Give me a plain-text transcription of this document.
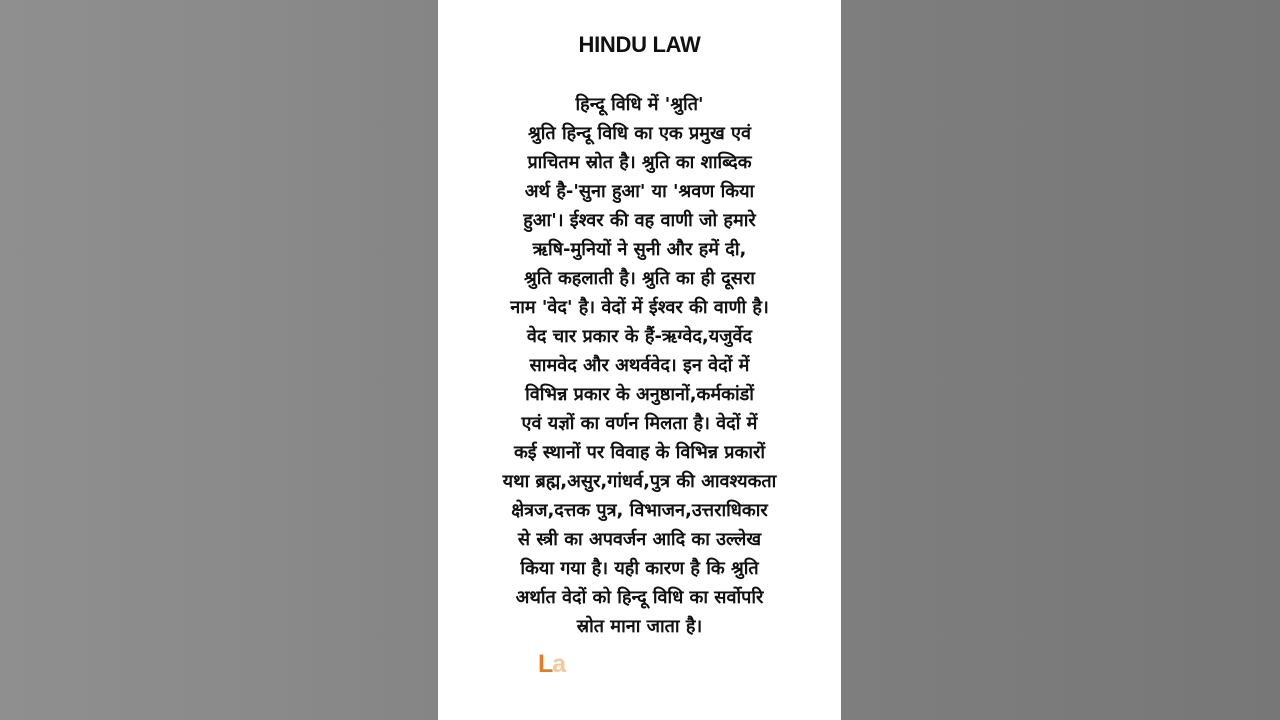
HINDU LAW
हिन्दू विधि में 'श्रुति'
श्रुति हिन्दू विधि का एक प्रमुख एवं
प्राचितम स्रोत है। श्रुति का शाब्दिक
अर्थ है-'सुना हुआ' या 'श्रवण किया
हुआ'। ईश्वर की वह वाणी जो हमारे
ऋषि-मुनियों ने सुनी और हमें दी,
श्रुति कहलाती है। श्रुति का ही दूसरा
नाम 'वेद' है। वेदों में ईश्वर की वाणी है।
वेद चार प्रकार के हैं-ऋग्वेद,यजुर्वेद
सामवेद और अथर्ववेद। इन वेदों में
विभिन्न प्रकार के अनुष्ठानों,कर्मकांडों
एवं यज्ञों का वर्णन मिलता है। वेदों में
कई स्थानों पर विवाह के विभिन्न प्रकारों
यथा ब्रह्म,असुर,गांधर्व,पुत्र की आवश्यकता
क्षेत्रज,दत्तक पुत्र, विभाजन,उत्तराधिकार
से स्त्री का अपवर्जन आदि का उल्लेख
किया गया है। यही कारण है कि श्रुति
अर्थात वेदों को हिन्दू विधि का सर्वोपरि
स्रोत माना जाता है।
La
